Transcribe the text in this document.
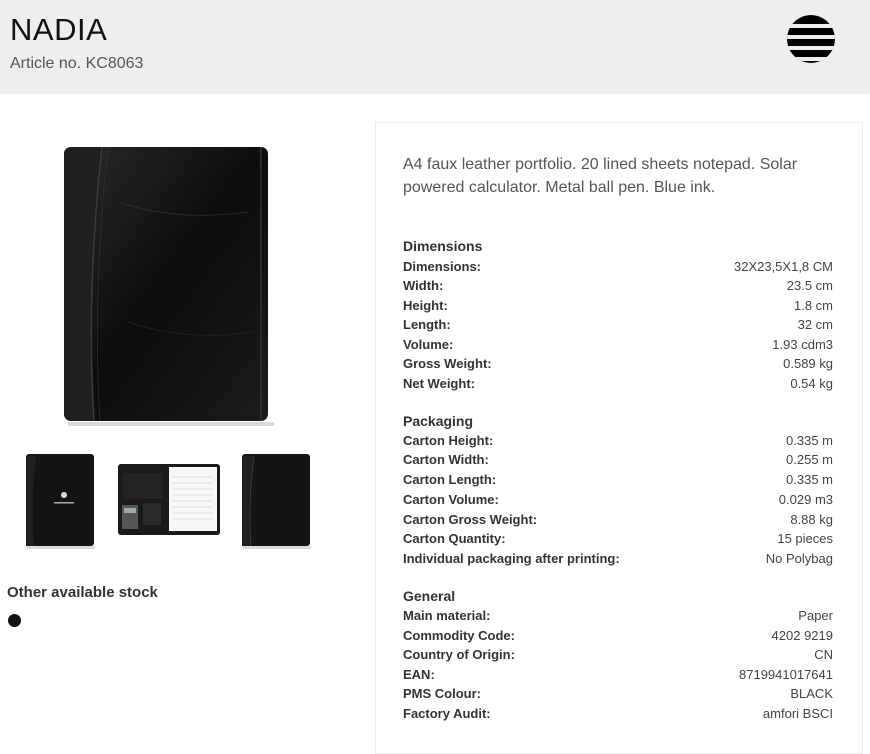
NADIA
Article no. KC8063
Other available stock
A4 faux leather portfolio. 20 lined sheets notepad. Solar powered calculator. Metal ball pen. Blue ink.
Dimensions
Dimensions:	32X23,5X1,8 CM
Width:	23.5 cm
Height:	1.8 cm
Length:	32 cm
Volume:	1.93 cdm3
Gross Weight:	0.589 kg
Net Weight:	0.54 kg
Packaging
Carton Height:	0.335 m
Carton Width:	0.255 m
Carton Length:	0.335 m
Carton Volume:	0.029 m3
Carton Gross Weight:	8.88 kg
Carton Quantity:	15 pieces
Individual packaging after printing:	No Polybag
General
Main material:	Paper
Commodity Code:	4202 9219
Country of Origin:	CN
EAN:	8719941017641
PMS Colour:	BLACK
Factory Audit:	amfori BSCI
